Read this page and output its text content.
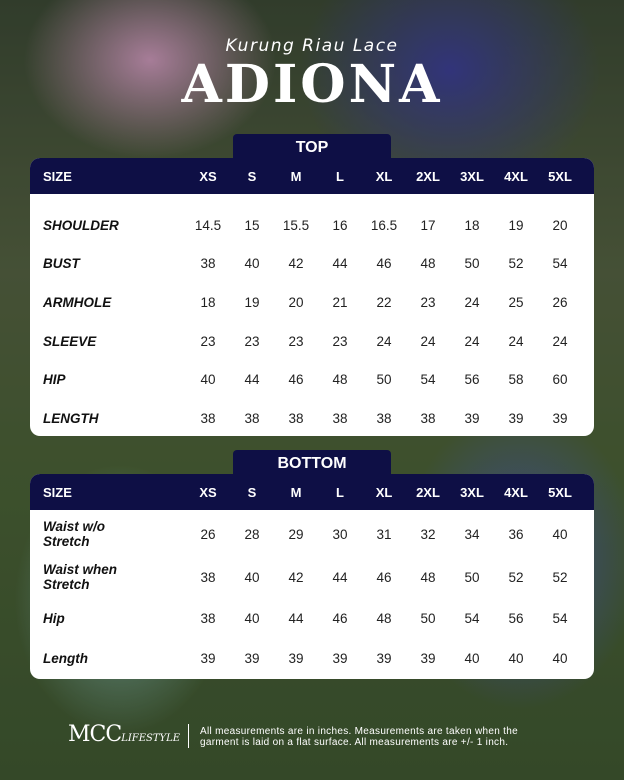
Kurung Riau Lace
ADIONA
TOP
SIZE	XS	S	M	L	XL	2XL	3XL	4XL	5XL
SHOULDER	14.5	15	15.5	16	16.5	17	18	19	20
BUST	38	40	42	44	46	48	50	52	54
ARMHOLE	18	19	20	21	22	23	24	25	26
SLEEVE	23	23	23	23	24	24	24	24	24
HIP	40	44	46	48	50	54	56	58	60
LENGTH	38	38	38	38	38	38	39	39	39
BOTTOM
SIZE	XS	S	M	L	XL	2XL	3XL	4XL	5XL
Waist w/o
Stretch	26	28	29	30	31	32	34	36	40
Waist when
Stretch	38	40	42	44	46	48	50	52	52
Hip	38	40	44	46	48	50	54	56	54
Length	39	39	39	39	39	39	40	40	40
MCCLIFESTYLE
All measurements are in inches. Measurements are taken when the
garment is laid on a flat surface. All measurements are +/- 1 inch.
